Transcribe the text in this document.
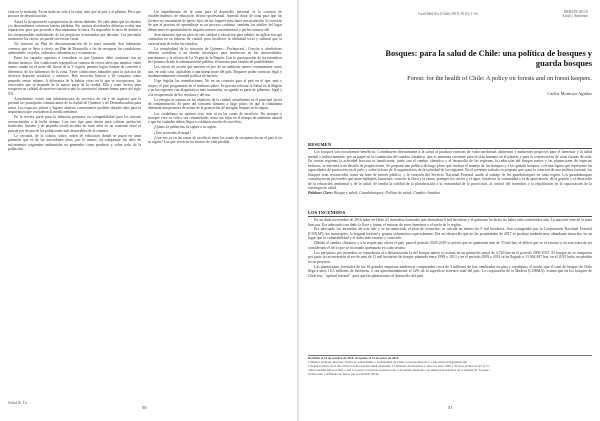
vida en la montaña. En un dado no sólo a la zona, sino que al país y al planeta. Pero que procure de desertificación.

Ahora la la reputación a propietarios de tierras dañadas. No cabe duda que los dueños y/o descendientes sufrieron fuertes pérdidas. Por justicia distributiva deberían recibir una reparación, pero que procede a descontaminar la tierra. Es imposible la tarea de definir a los irresponsables individuales de los perjuicios ocasionados por décadas. Los precisión mostraron los cerros: no puede sin evocar fiscal.

No tuvieron un Plan de descontaminación de la zona arrasada. Son habitantes creemos que se llevo a efecto un Plan de Desarrollo a fin de recuperar las condiciones ambientales, sociales, culturales, urbanísticas y económicas.

Entre los variados aspectos a considerar es que Quintero debe continuar con su destino turístico. Sus condiciones topográficas cuentan de cerros altos que ampliar, valen centro cuanto en el norte del litoral de la V región, permite lograr formas de concebir a diferencia de los balnearios de la zona. Tiene condiciones naturales para la práctica de diversos deportes acuáticos y náuticos. Hay servicios básicos y de consumo como pequeño centro urbano. A diferencia de la bahías vivas en lo que se excepciones, los reservados que se depende de la mayor parte de la ciudad. Ella y tener acceso para recuperar su calidad de atractivo turístico que la caracterizó durante buena parte del siglo XX.

Actualmente, existe una infraestructura de servicios de vía y de aspectos que le permite los principales comunicantes de la ciudad de Quintero y de Desembocadura para mirar. Los espacios, plazas y lugares abiertos convenientes posibles durante años para la importancia que consideran al medio ambiente.

En la tercera parte para la industria pesquera en compatibilidad para los turistas recreacionales a la fecha tiempo. Con este tipo para tierras para cultivar productos hortícolas, frutales y de pequeña escala acceder en estos años en un contraste entre el paisaje por de una de las poblaciones más destacables de la comuna.

La cercanía, de la cultura, sobre, orden de educación donde se pasan en unos primeros que es de las autoridades otras, por lo menos, en compensar los años de sufrimientos originados ambientales no generados como producto y, sobre todo, de la población.

Un impedimento de la zona para el desarrollo personal es la carencia de establecimientos de educación técnico-profesional. Amerita dotar de zona para que los jóvenes no encuentren de partes lejos de sus hogares para tener una profesión. Si creación de que el proceso de aprendizaje es un proceso continuo, también los adultos del lugar deben tener la oportunidad de adquirir nuevos conocimientos y perfeccionarse allí.

Será menester que un plan de este calidad y educación para adultos en aplicación que continúan en su entorno de ciudad, para fortalecer la identidad local y cultural que la caracterizan de todos los estudios.

La complejidad de la situación de Quintero—Puchuncaví—Concón y alrededores debería contribuir a un diseño estratégico para involucrar en las universidades, patrimonios y la oficina de La Virgen de la Región. Con la participación de los miembros de Quintero desde la administración pública, el entorno para cambio de posibilidades.

Los cursos de acción que aniones en pro de un ambiente menos contaminante como son, en todo caso, aplicables a una buena parte del país. Requiere poder construir legal y fundamentalmente voluntad política de hacerlo.

Urge legislar las remediaciones. No en un contexto para el país en el que, más y mayor, el país programada en el mediano plazo. Se precisa reforzar la Salud en la Región y en las regiones con diagnósticos más avanzadas, su agenda es parte de gobierno, legal y a la recuperación de los residuos y del uso.

La energía se sumara en los objetivos de la ciudad; actualmente es el principal factor de contaminación. Es parte del consumo humano a largo plazo, en que la ciudadanía demanda una promesa de actuar de la generación de energías limpias en la región.

Los ciudadanos no quieren vivir más ni en las zonas de sacrificio. No siempre y siempre vivir su vida o sus comunidades como sus hijos en el tiempo de ambiente natural y que las ciudades deben llegar a colaborar mucho de sacrificio.

¡Quiero la población, tú sigues a tu región.

¿Una recuerdas el mapa?

¡Una vez ya en las zonas de sacrificio tener las zonas de recuperación en el país si en tu región? Los que viven en los barrios de vida perdida.

Salud & Tú
50
Cuad Méd Soc (Chile) 2019, 59 (1): 1-54	DEBATE/ALUS
Salud y Ambiente
Bosques: para la salud de Chile: una política de bosques y guarda bosques
Forest: for the health of Chile: A policy on forests and on forest keepers.
Carlos Montoya Aguilar
RESUMEN

Los bosques son ecosistemas benéficos. Contribuyen directamente a la salud al producir esencias de valor medicinal, alimentos y ambientes propicios para el bienestar y la salud mental e indirectamente, por su papel en la contención del cambio climático, que es amenaza creciente para la vida humana en el planeta y para la conservación de otras formas de vida. En ciertas regiones la actividad boscosa es insuficiente, junto con el cambio climático y el desarrollo de las regiones, la reducción del bosque nativo y las plantaciones de especies exóticas, se enfrenta a un desafío de proporciones. Se propone una política de largo plazo que incluya el manejo de los bosques y a los guarda bosques, con una figura que represente las capacidades de protección en el país, y sobre la base de la organización de la sociedad de las regiones. En el presente artículo se propone que, para la creación de una política forestal, los bosques sean reconocidos como un bien de interés público, y la creación del Servicio Nacional Forestal, unido al trabajo de los guardabosques en cada región. Los guardabosques constituyen un proveedor que tiene múltiples funciones: conocer la flora y la fauna, proteger los suelos y el agua, fortalecer la comunidad y la de apreciación, de la gestión y el desarrollo de la educación ambiental y de la salud. Se tendrá la calidad de la planificación a la comunidad de la protección, al control del incendios y la repoblación en la capacitación de la estrategia de salud.

Palabras Clave: Bosque y salud; Guardabosques; Política de salud; Cambio climático
LOS INCENDIOS

En un dado noviembre de 2016 hubo en Chile 23 incendios forestales que abarcaban 9 mil hectáreas y el gobierno ha dicho no haber sido controlados aún. La mayoría eran de la zona boscosa. Era adecuado con daño la flora y fauna, el entorno de seres humanos y el suelo de la región.

Era adecuado los incendios de este año y se ha anunciado el plan de extinción: se calcula en menos de 9 mil hectáreas. Son extinguidos por la Corporación Nacional Forestal (CONAF), los municipios, la brigada forestal y grupos voluntarios especialmente. Era así desarrollo que no las propiedades de 2017 se produjo también muy abundante situación, en un lugar que la vulnerabilidad y el daño más extenso y conocido.

Debido al cambio climático y a la sequía que afecta el país, para el período 2018-2019 se previó que se quemarán más de 70 mil has; el déficit que es el extenso y en esta zona de ser considerado el de lo que se ha estado quemando en cada verano.

Los perjuicios por incendios se reproducen al a deforestación la del bosque nativo se estima en un promedio anual de 4.720 has en el período 2009-2015. El bosque no se compensa por parte la reconversión al ser de más de 11 mil hectáreas de bosque plantado entre 1998 y 2013 y en el período 2009 a 2014 se ha llegado a 13.962.487 has, en el 2015 hubo un pérdida en su proyecto.

Las plantaciones forestales de las 16 grandes empresas madereras comprenden cerca de 3 millones de has, sembradas en pino y eucaliptus, el medio que el total de bosque de Chile llega a unos 16,5 millones de hectáreas, o sea aproximadamente el 22% de la superficie terrestre total del país. La corporación de la Madera (CORMA), estima que en los bosques de Chile hay ´´aptitud forestal´´ para que las plantaciones el desarrollo del país.

Recibido el 14 de octubre de 2018. Aceptado el 15 de enero de 2019.
1 Médico pediatra. Profesor Titular de Salud Pública, Universidad de Chile. Correspondencia a: carlos.montoya@gmail.com
2 Según la FAO, en el año 2010 la deforestación anual alcanzaba 13 millones de hectáreas y entre los años 1990 y 2010 se perdieron del 11 %.
3 Recomendación se refiere a que se recurre a técnicas de microcorte o de cultivo mejorado con utilización selectiva de la madera de "bosque".
4 Dirección y Alimento de Datos (de la CONAF, 2016).
51
